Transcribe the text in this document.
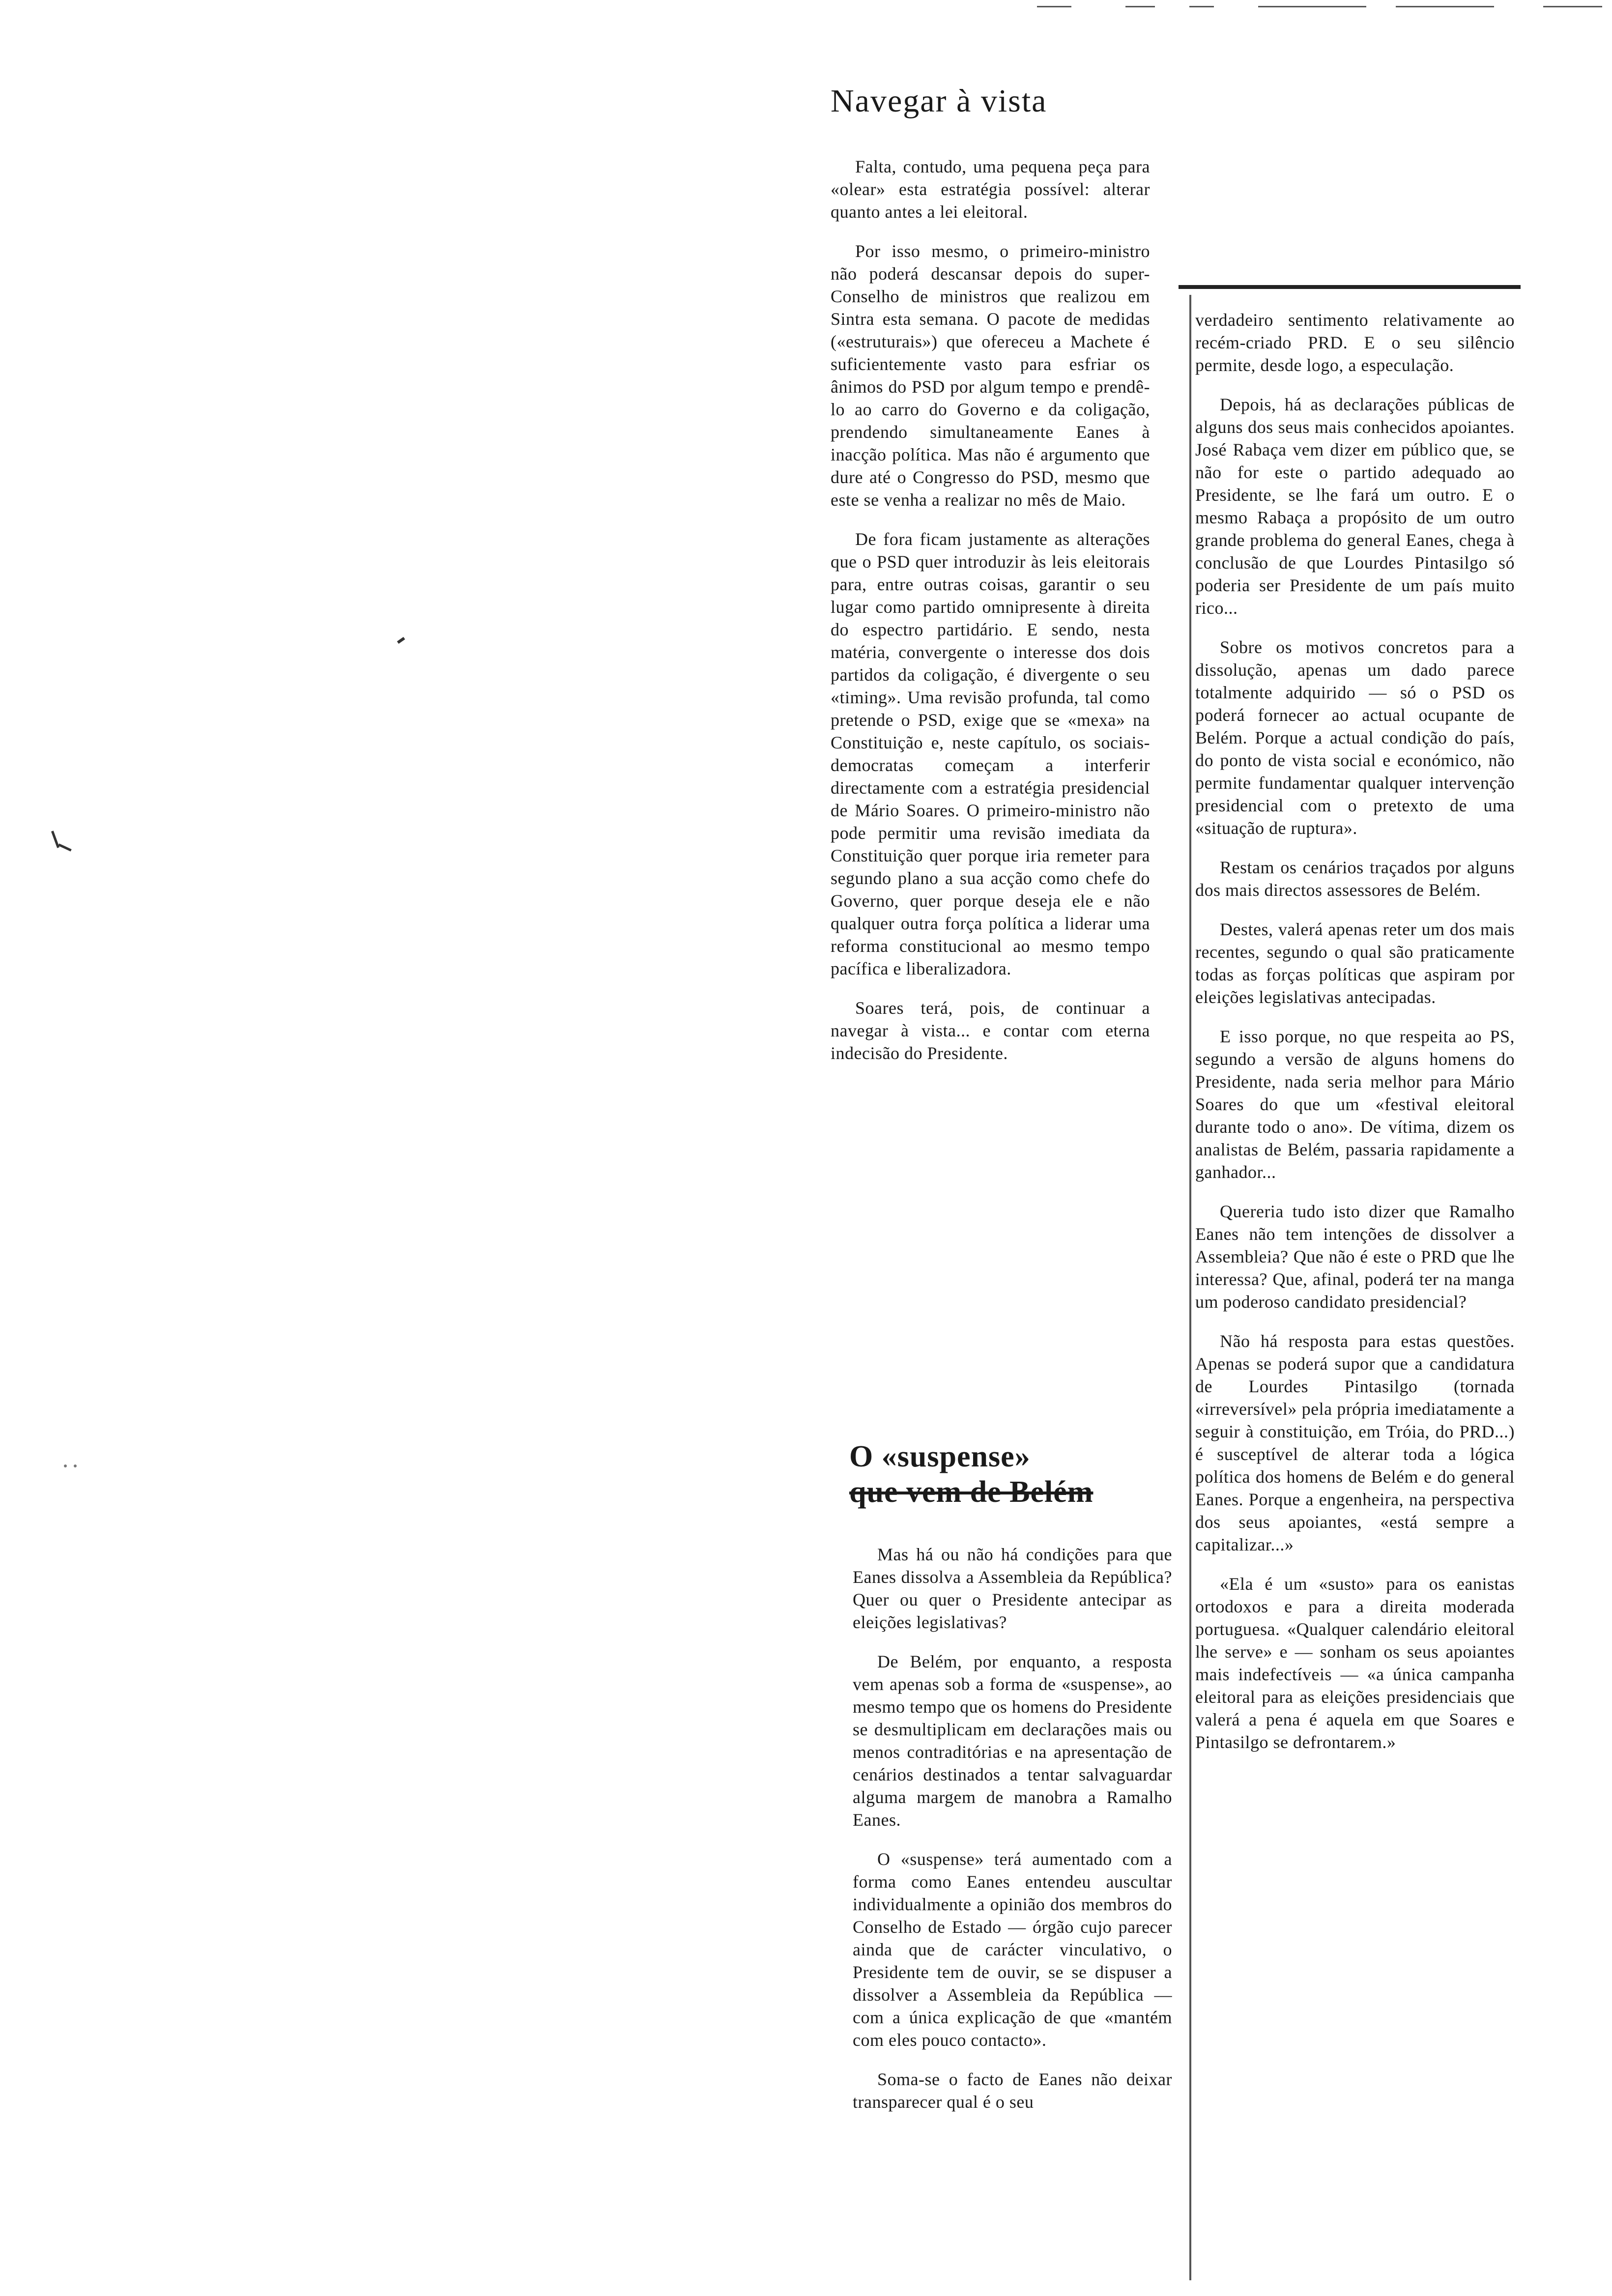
Navegar à vista

Falta, contudo, uma pequena peça para «olear» esta estratégia possível: alterar quanto antes a lei eleitoral.

Por isso mesmo, o primeiro-ministro não poderá descansar depois do super-Conselho de ministros que realizou em Sintra esta semana. O pacote de medidas («estruturais») que ofereceu a Machete é suficientemente vasto para esfriar os ânimos do PSD por algum tempo e prendê-lo ao carro do Governo e da coligação, prendendo simultaneamente Eanes à inacção política. Mas não é argumento que dure até o Congresso do PSD, mesmo que este se venha a realizar no mês de Maio.

De fora ficam justamente as alterações que o PSD quer introduzir às leis eleitorais para, entre outras coisas, garantir o seu lugar como partido omnipresente à direita do espectro partidário. E sendo, nesta matéria, convergente o interesse dos dois partidos da coligação, é divergente o seu «timing». Uma revisão profunda, tal como pretende o PSD, exige que se «mexa» na Constituição e, neste capítulo, os sociais-democratas começam a interferir directamente com a estratégia presidencial de Mário Soares. O primeiro-ministro não pode permitir uma revisão imediata da Constituição quer porque iria remeter para segundo plano a sua acção como chefe do Governo, quer porque deseja ele e não qualquer outra força política a liderar uma reforma constitucional ao mesmo tempo pacífica e liberalizadora.

Soares terá, pois, de continuar a navegar à vista... e contar com eterna indecisão do Presidente.

O «suspense»
que vem de Belém

Mas há ou não há condições para que Eanes dissolva a Assembleia da República? Quer ou quer o Presidente antecipar as eleições legislativas?

De Belém, por enquanto, a resposta vem apenas sob a forma de «suspense», ao mesmo tempo que os homens do Presidente se desmultiplicam em declarações mais ou menos contraditórias e na apresentação de cenários destinados a tentar salvaguardar alguma margem de manobra a Ramalho Eanes.

O «suspense» terá aumentado com a forma como Eanes entendeu auscultar individualmente a opinião dos membros do Conselho de Estado — órgão cujo parecer ainda que de carácter vinculativo, o Presidente tem de ouvir, se se dispuser a dissolver a Assembleia da República — com a única explicação de que «mantém com eles pouco contacto».

Soma-se o facto de Eanes não deixar transparecer qual é o seu

verdadeiro sentimento relativamente ao recém-criado PRD. E o seu silêncio permite, desde logo, a especulação.

Depois, há as declarações públicas de alguns dos seus mais conhecidos apoiantes. José Rabaça vem dizer em público que, se não for este o partido adequado ao Presidente, se lhe fará um outro. E o mesmo Rabaça a propósito de um outro grande problema do general Eanes, chega à conclusão de que Lourdes Pintasilgo só poderia ser Presidente de um país muito rico...

Sobre os motivos concretos para a dissolução, apenas um dado parece totalmente adquirido — só o PSD os poderá fornecer ao actual ocupante de Belém. Porque a actual condição do país, do ponto de vista social e económico, não permite fundamentar qualquer intervenção presidencial com o pretexto de uma «situação de ruptura».

Restam os cenários traçados por alguns dos mais directos assessores de Belém.

Destes, valerá apenas reter um dos mais recentes, segundo o qual são praticamente todas as forças políticas que aspiram por eleições legislativas antecipadas.

E isso porque, no que respeita ao PS, segundo a versão de alguns homens do Presidente, nada seria melhor para Mário Soares do que um «festival eleitoral durante todo o ano». De vítima, dizem os analistas de Belém, passaria rapidamente a ganhador...

Quereria tudo isto dizer que Ramalho Eanes não tem intenções de dissolver a Assembleia? Que não é este o PRD que lhe interessa? Que, afinal, poderá ter na manga um poderoso candidato presidencial?

Não há resposta para estas questões. Apenas se poderá supor que a candidatura de Lourdes Pintasilgo (tornada «irreversível» pela própria imediatamente a seguir à constituição, em Tróia, do PRD...) é susceptível de alterar toda a lógica política dos homens de Belém e do general Eanes. Porque a engenheira, na perspectiva dos seus apoiantes, «está sempre a capitalizar...»

«Ela é um «susto» para os eanistas ortodoxos e para a direita moderada portuguesa. «Qualquer calendário eleitoral lhe serve» e — sonham os seus apoiantes mais indefectíveis — «a única campanha eleitoral para as eleições presidenciais que valerá a pena é aquela em que Soares e Pintasilgo se defrontarem.»
